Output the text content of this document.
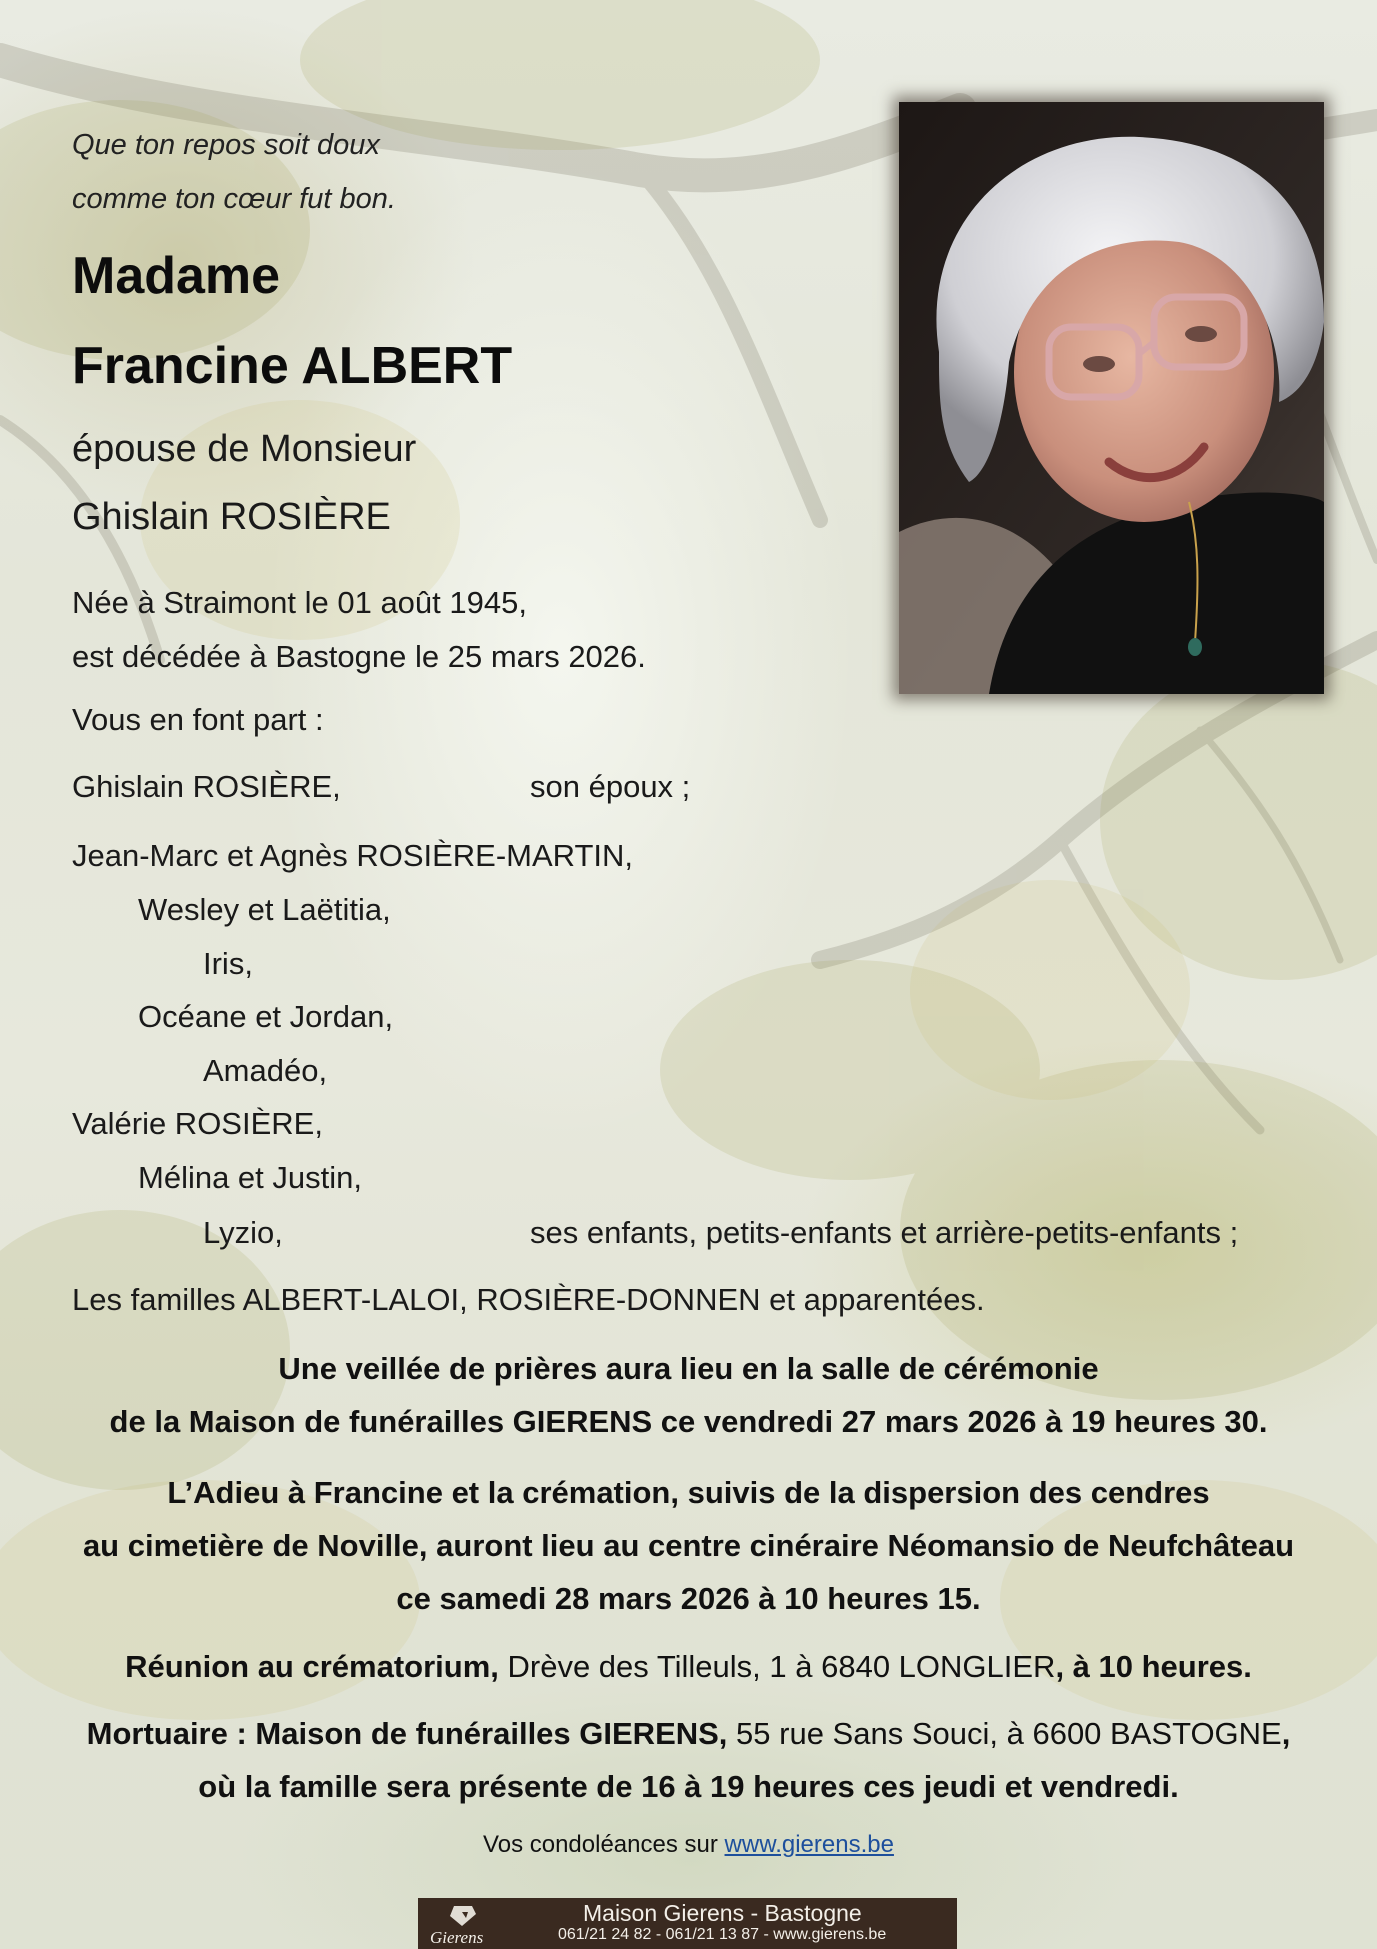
Que ton repos soit doux
comme ton cœur fut bon.
Madame
Francine ALBERT
épouse de Monsieur
Ghislain ROSIÈRE
Née à Straimont le 01 août 1945,
est décédée à Bastogne le 25 mars 2026.
Vous en font part :
Ghislain ROSIÈRE,	son époux ;
Jean-Marc et Agnès ROSIÈRE-MARTIN,
Wesley et Laëtitia,
Iris,
Océane et Jordan,
Amadéo,
Valérie ROSIÈRE,
Mélina et Justin,
Lyzio,	ses enfants, petits-enfants et arrière-petits-enfants ;
Les familles ALBERT-LALOI, ROSIÈRE-DONNEN et apparentées.
Une veillée de prières aura lieu en la salle de cérémonie
de la Maison de funérailles GIERENS ce vendredi 27 mars 2026 à 19 heures 30.
L’Adieu à Francine et la crémation, suivis de la dispersion des cendres
au cimetière de Noville, auront lieu au centre cinéraire Néomansio de Neufchâteau
ce samedi 28 mars 2026 à 10 heures 15.
Réunion au crématorium, Drève des Tilleuls, 1 à 6840 LONGLIER, à 10 heures.
Mortuaire : Maison de funérailles GIERENS, 55 rue Sans Souci, à 6600 BASTOGNE,
où la famille sera présente de 16 à 19 heures ces jeudi et vendredi.
Vos condoléances sur www.gierens.be
Gierens
Maison Gierens - Bastogne
061/21 24 82 - 061/21 13 87 - www.gierens.be
